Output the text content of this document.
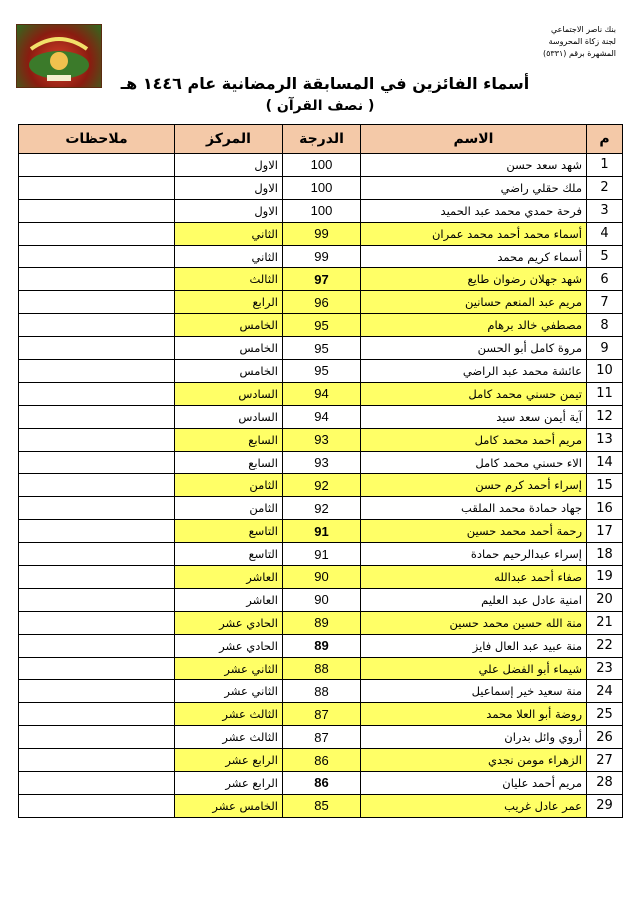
بنك ناصر الاجتماعي
لجنة زكاة المحروسة
المشهرة برقم (٥٣٣١)
أسماء الفائزين في المسابقة الرمضانية عام ١٤٤٦ هـ
( نصف القرآن )
م	الاسم	الدرجة	المركز	ملاحظات
1	شهد سعد حسن	100	الاول	
2	ملك حقلي راضي	100	الاول	
3	فرحة حمدي محمد عبد الحميد	100	الاول	
4	أسماء محمد أحمد محمد عمران	99	الثاني	
5	أسماء كريم محمد	99	الثاني	
6	شهد جهلان رضوان طايع	97	الثالث	
7	مريم عبد المنعم حسانين	96	الرابع	
8	مصطفي خالد برهام	95	الخامس	
9	مروة كامل أبو الحسن	95	الخامس	
10	عائشة محمد عبد الراضي	95	الخامس	
11	تيمن حسني محمد كامل	94	السادس	
12	آية أيمن سعد سيد	94	السادس	
13	مريم أحمد محمد كامل	93	السابع	
14	الاء حسني محمد كامل	93	السابع	
15	إسراء أحمد كرم حسن	92	الثامن	
16	جهاد حمادة محمد الملقب	92	الثامن	
17	رحمة أحمد محمد حسين	91	التاسع	
18	إسراء عبدالرحيم حمادة	91	التاسع	
19	صفاء أحمد عبدالله	90	العاشر	
20	امنية عادل عبد العليم	90	العاشر	
21	منة الله حسين محمد حسين	89	الحادي عشر	
22	منة عبيد عبد العال فايز	89	الحادي عشر	
23	شيماء أبو الفضل علي	88	الثاني عشر	
24	منة سعيد خير إسماعيل	88	الثاني عشر	
25	روضة أبو العلا محمد	87	الثالث عشر	
26	أروي وائل بدران	87	الثالث عشر	
27	الزهراء مومن نجدي	86	الرابع عشر	
28	مريم أحمد عليان	86	الرابع عشر	
29	عمر عادل غريب	85	الخامس عشر	
